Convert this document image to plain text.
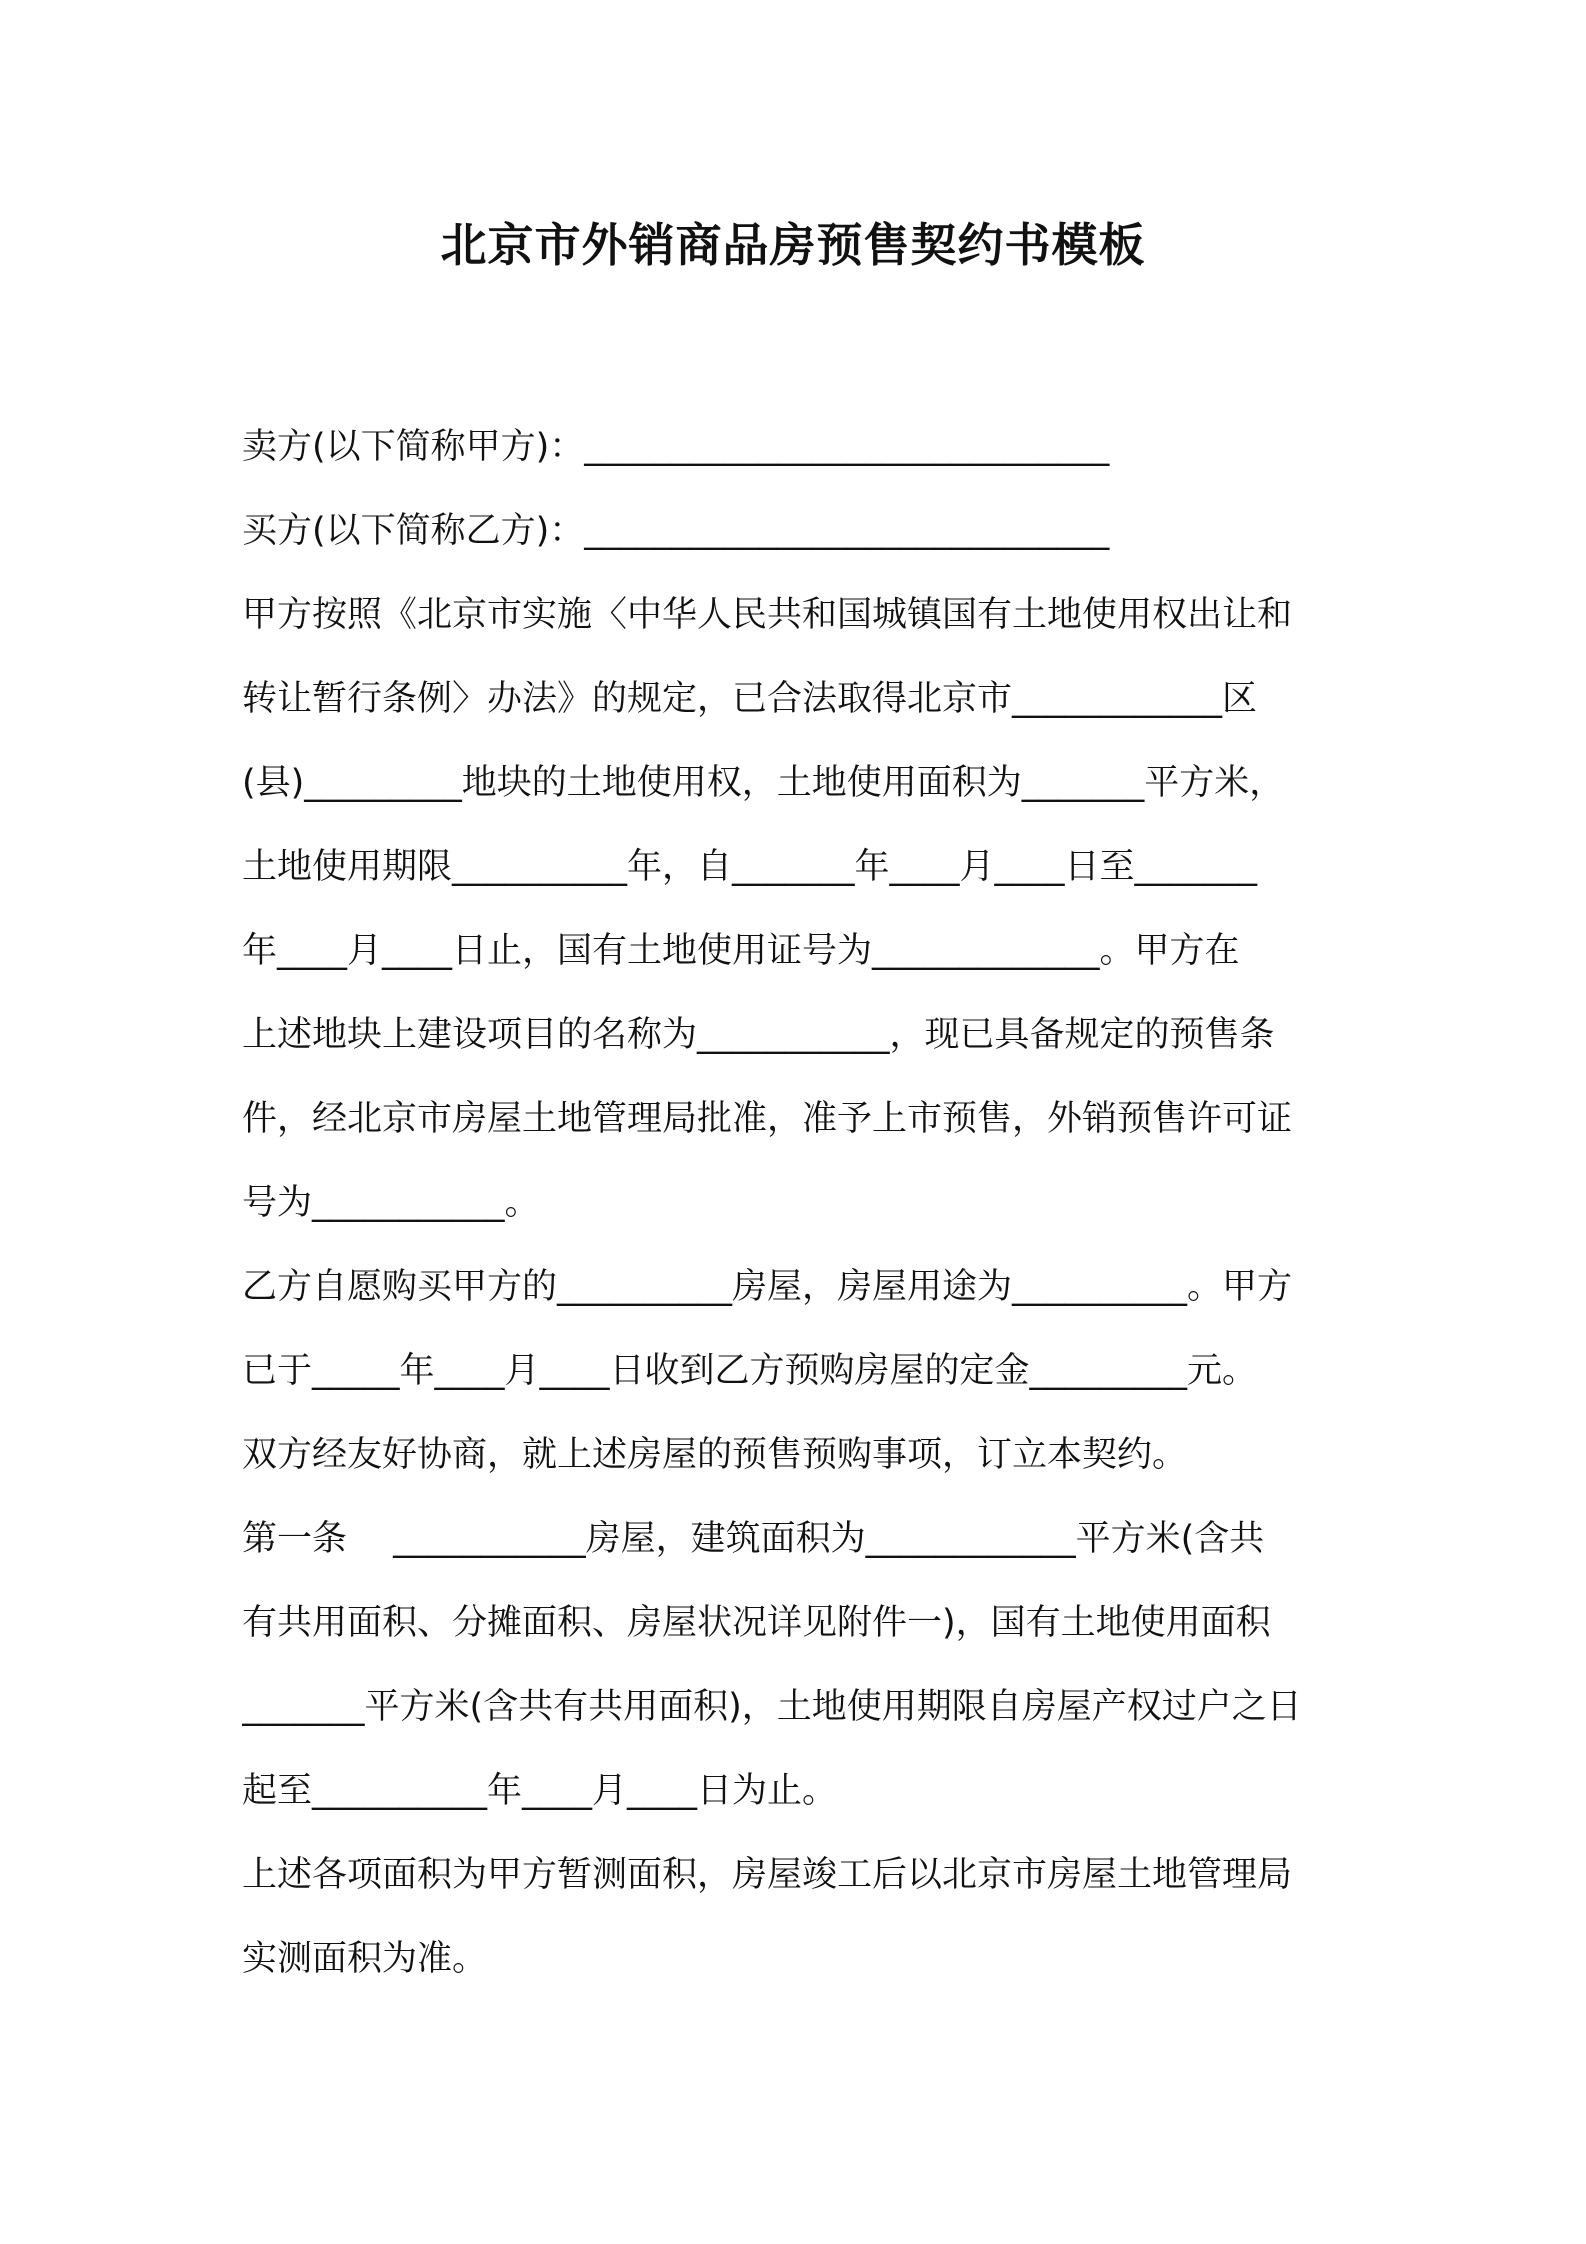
北京市外销商品房预售契约书模板
卖方(以下简称甲方)：______________________________
买方(以下简称乙方)：______________________________
甲方按照《北京市实施〈中华人民共和国城镇国有土地使用权出让和
转让暂行条例〉办法》的规定，已合法取得北京市____________区
(县)_________地块的土地使用权，土地使用面积为_______平方米，
土地使用期限__________年，自_______年____月____日至_______
年____月____日止，国有土地使用证号为_____________。甲方在
上述地块上建设项目的名称为___________，现已具备规定的预售条
件，经北京市房屋土地管理局批准，准予上市预售，外销预售许可证
号为___________。
乙方自愿购买甲方的__________房屋，房屋用途为__________。甲方
已于_____年____月____日收到乙方预购房屋的定金_________元。
双方经友好协商，就上述房屋的预售预购事项，订立本契约。
第一条　 ___________房屋，建筑面积为____________平方米(含共
有共用面积、分摊面积、房屋状况详见附件一)，国有土地使用面积
_______平方米(含共有共用面积)，土地使用期限自房屋产权过户之日
起至__________年____月____日为止。
上述各项面积为甲方暂测面积，房屋竣工后以北京市房屋土地管理局
实测面积为准。
